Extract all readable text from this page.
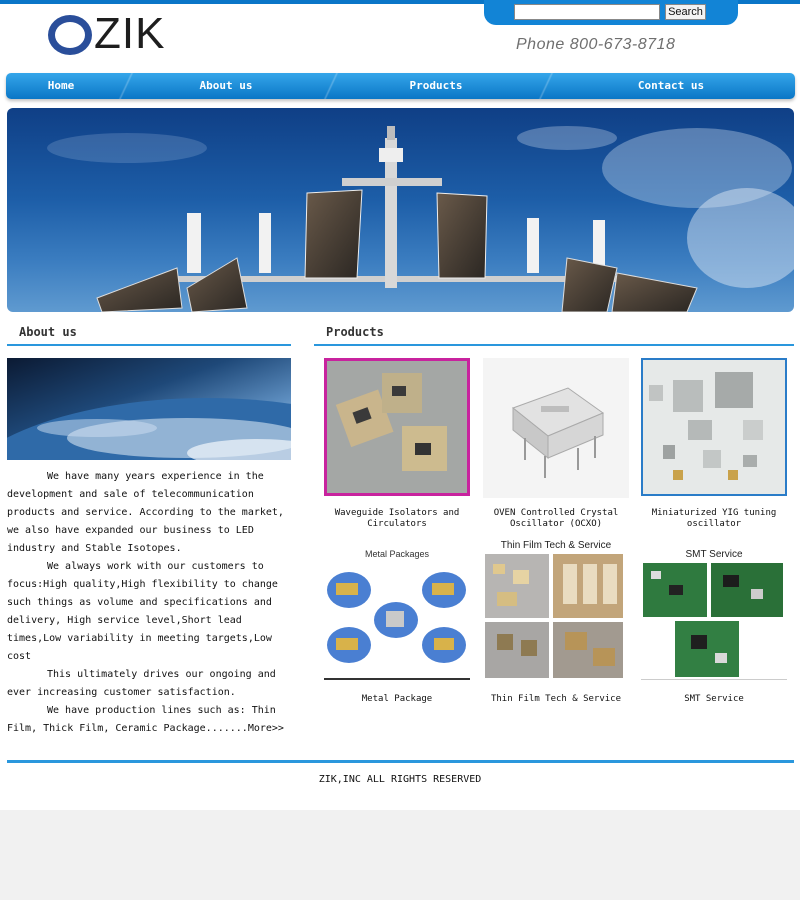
ZIK	Search
Phone 800-673-8718
Home	About us	Products	Contact us
About us

We have many years experience in the development and sale of telecommunication products and service. According to the market, we also have expanded our business to LED industry and Stable Isotopes.

We always work with our customers to focus:High quality,High flexibility to change such things as volume and specifications and delivery, High service level,Short lead times,Low variability in meeting targets,Low cost

This ultimately drives our ongoing and ever increasing customer satisfaction.

We have production lines such as: Thin Film, Thick Film, Ceramic Package.......More>>

Products
Waveguide Isolators and Circulators
OVEN Controlled Crystal Oscillator (OCXO)
Miniaturized YIG tuning oscillator
Metal Packages
Metal Package
Thin Film Tech & Service
Thin Film Tech & Service
SMT Service
SMT Service
ZIK,INC ALL RIGHTS RESERVED
